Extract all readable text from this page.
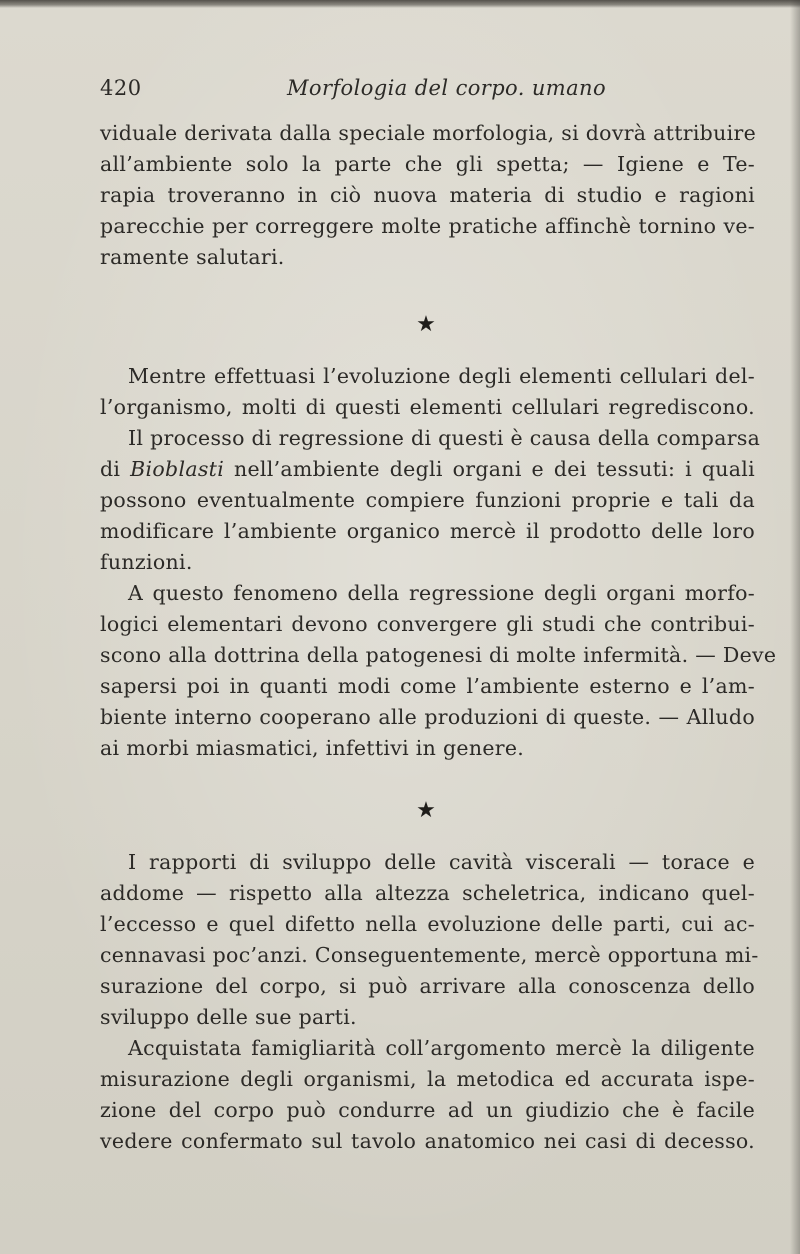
420	Morfologia del corpo. umano
viduale derivata dalla speciale morfologia, si dovrà attribuire
all’ambiente solo la parte che gli spetta; — Igiene e Te-
rapia troveranno in ciò nuova materia di studio e ragioni
parecchie per correggere molte pratiche affinchè tornino ve-
ramente salutari.
★
Mentre effettuasi l’evoluzione degli elementi cellulari del-
l’organismo, molti di questi elementi cellulari regrediscono.
Il processo di regressione di questi è causa della comparsa
di Bioblasti nell’ambiente degli organi e dei tessuti: i quali
possono eventualmente compiere funzioni proprie e tali da
modificare l’ambiente organico mercè il prodotto delle loro
funzioni.
A questo fenomeno della regressione degli organi morfo-
logici elementari devono convergere gli studi che contribui-
scono alla dottrina della patogenesi di molte infermità. — Deve
sapersi poi in quanti modi come l’ambiente esterno e l’am-
biente interno cooperano alle produzioni di queste. — Alludo
ai morbi miasmatici, infettivi in genere.
★
I rapporti di sviluppo delle cavità viscerali — torace e
addome — rispetto alla altezza scheletrica, indicano quel-
l’eccesso e quel difetto nella evoluzione delle parti, cui ac-
cennavasi poc’anzi. Conseguentemente, mercè opportuna mi-
surazione del corpo, si può arrivare alla conoscenza dello
sviluppo delle sue parti.
Acquistata famigliarità coll’argomento mercè la diligente
misurazione degli organismi, la metodica ed accurata ispe-
zione del corpo può condurre ad un giudizio che è facile
vedere confermato sul tavolo anatomico nei casi di decesso.
